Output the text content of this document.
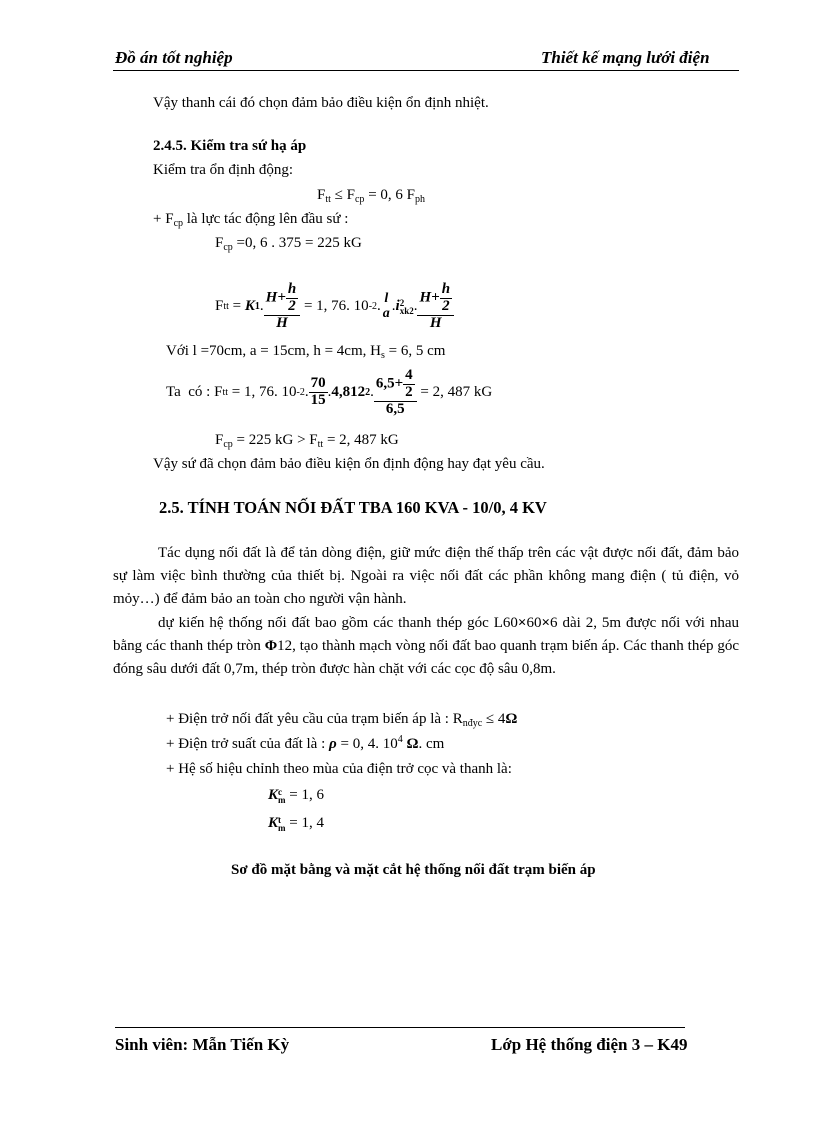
Đồ án tốt nghiệp	Thiết kế mạng lưới điện
Vậy thanh cái đó chọn đảm bảo điều kiện ổn định nhiệt.
2.4.5. Kiểm tra sứ hạ áp
Kiểm tra ổn định động:
$F_{tt} \le F_{cp} = 0$, 6 $F_{ph}$
+ $F_{cp}$ là lực tác động lên đầu sứ :
$F_{cp} =0$, 6 . 375 = 225 kG
F tt = K 1 . $\frac{H+ \frac{h}{2}}{H} = 1$, 76. 10 -2 . l
a . i 2
xk2 . $\frac{H+ \frac{h}{2}}{H}$
Với l =70cm, a = 15cm, h = 4cm, $H_s = 6$, 5 cm
Ta  có : F tt = 1, 76. 10 -2 . $\frac{70}{15}$ . 4,812 2 . $\frac{6,5+ \frac{4}{2}}{6,5} = 2$, 487 kG
$F_{cp} = 225$ kG > $F_{tt} = 2$, 487 kG
Vậy sứ đã chọn đảm bảo điều kiện ổn định động hay đạt yêu cầu.
2.5. TÍNH TOÁN NỐI ĐẤT TBA 160 KVA - 10/0, 4 KV
Tác dụng nối đất là để tản dòng điện, giữ mức điện thế thấp trên các vật được nối đất, đảm bảo sự làm việc bình thường của thiết bị. Ngoài ra việc nối đất các phần không mang điện ( tủ điện, vỏ mỏy…) để đảm bảo an toàn cho người vận hành.
dự kiến hệ thống nối đất bao gồm các thanh thép góc L60×60×6 dài 2, 5m được nối với nhau bằng các thanh thép tròn Φ12, tạo thành mạch vòng nối đất bao quanh trạm biến áp. Các thanh thép góc đóng sâu dưới đất 0,7m, thép tròn được hàn chặt với các cọc độ sâu 0,8m.
+ Điện trở nối đất yêu cầu của trạm biến áp là : $R_{nđyc} \le 4\Omega$
+ Điện trở suất của đất là : ρ = 0, 4. $10^4$ Ω. cm
+ Hệ số hiệu chỉnh theo mùa của điện trở cọc và thanh là:
K c
m = 1, 6
K t
m = 1, 4
Sơ đồ mặt bằng và mặt cắt hệ thống nối đất trạm biến áp
Sinh viên: Mẫn Tiến Kỳ	Lớp Hệ thống điện 3 – K49
